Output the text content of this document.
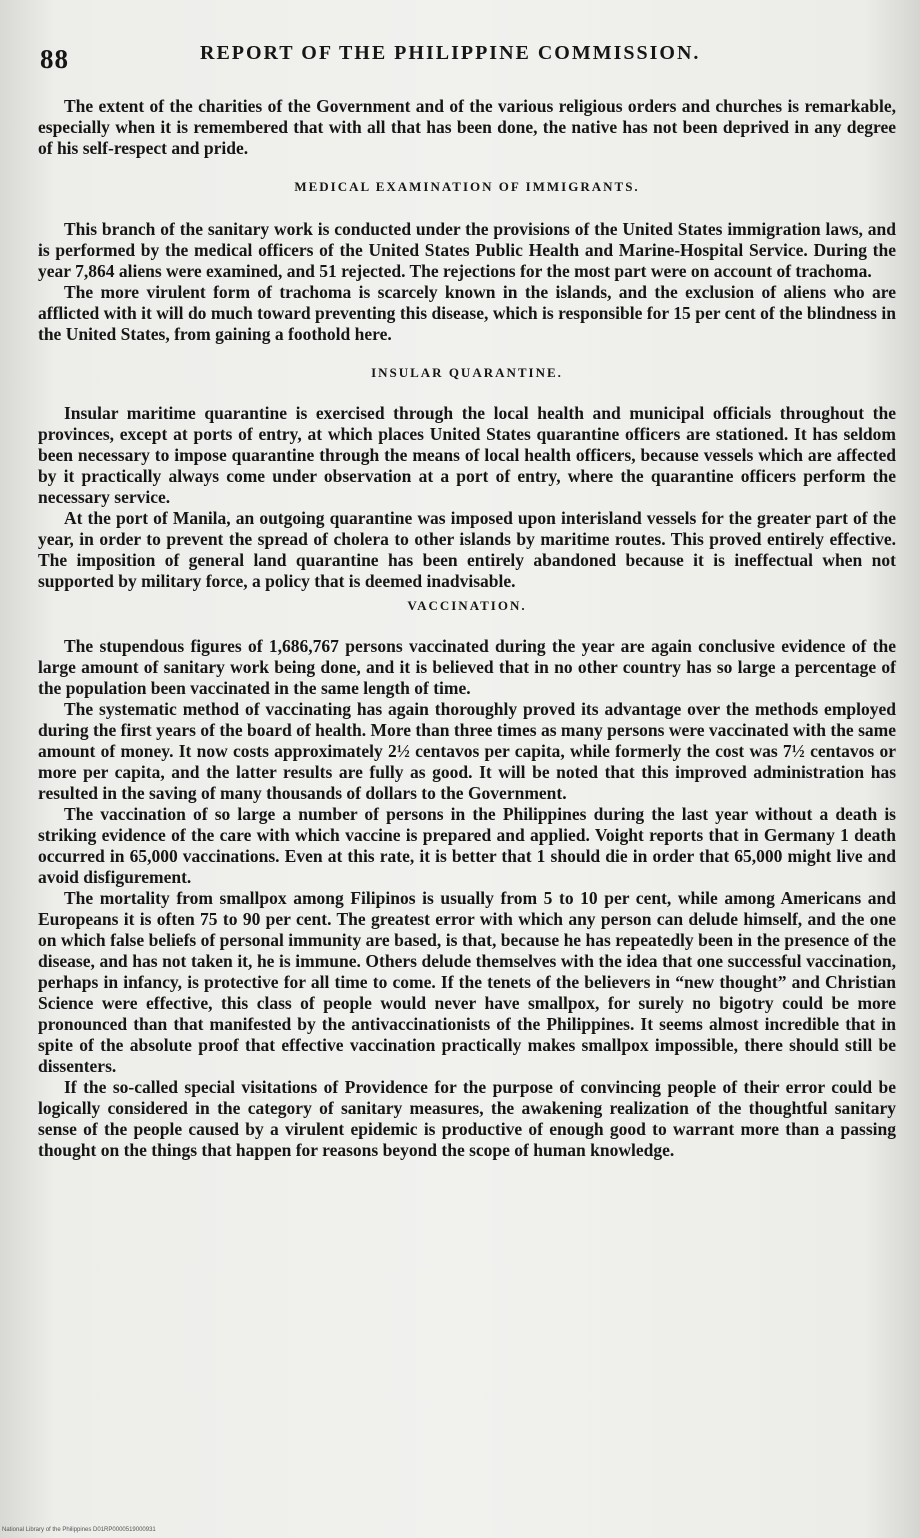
88	REPORT OF THE PHILIPPINE COMMISSION.

The extent of the charities of the Government and of the various religious orders and churches is remarkable, especially when it is remembered that with all that has been done, the native has not been deprived in any degree of his self-respect and pride.

MEDICAL EXAMINATION OF IMMIGRANTS.

This branch of the sanitary work is conducted under the provisions of the United States immigration laws, and is performed by the medical officers of the United States Public Health and Marine-Hospital Service. During the year 7,864 aliens were examined, and 51 rejected. The rejections for the most part were on account of trachoma.

The more virulent form of trachoma is scarcely known in the islands, and the exclusion of aliens who are afflicted with it will do much toward preventing this disease, which is responsible for 15 per cent of the blindness in the United States, from gaining a foothold here.

INSULAR QUARANTINE.

Insular maritime quarantine is exercised through the local health and municipal officials throughout the provinces, except at ports of entry, at which places United States quarantine officers are stationed. It has seldom been necessary to impose quarantine through the means of local health officers, because vessels which are affected by it practically always come under observation at a port of entry, where the quarantine officers perform the necessary service.

At the port of Manila, an outgoing quarantine was imposed upon interisland vessels for the greater part of the year, in order to prevent the spread of cholera to other islands by maritime routes. This proved entirely effective. The imposition of general land quarantine has been entirely abandoned because it is ineffectual when not supported by military force, a policy that is deemed inadvisable.

VACCINATION.

The stupendous figures of 1,686,767 persons vaccinated during the year are again conclusive evidence of the large amount of sanitary work being done, and it is believed that in no other country has so large a percentage of the population been vaccinated in the same length of time.

The systematic method of vaccinating has again thoroughly proved its advantage over the methods employed during the first years of the board of health. More than three times as many persons were vaccinated with the same amount of money. It now costs approximately 2½ centavos per capita, while formerly the cost was 7½ centavos or more per capita, and the latter results are fully as good. It will be noted that this improved administration has resulted in the saving of many thousands of dollars to the Government.

The vaccination of so large a number of persons in the Philippines during the last year without a death is striking evidence of the care with which vaccine is prepared and applied. Voight reports that in Germany 1 death occurred in 65,000 vaccinations. Even at this rate, it is better that 1 should die in order that 65,000 might live and avoid disfigurement.

The mortality from smallpox among Filipinos is usually from 5 to 10 per cent, while among Americans and Europeans it is often 75 to 90 per cent. The greatest error with which any person can delude himself, and the one on which false beliefs of personal immunity are based, is that, because he has repeatedly been in the presence of the disease, and has not taken it, he is immune. Others delude themselves with the idea that one successful vaccination, perhaps in infancy, is protective for all time to come. If the tenets of the believers in “new thought” and Christian Science were effective, this class of people would never have smallpox, for surely no bigotry could be more pronounced than that manifested by the antivaccinationists of the Philippines. It seems almost incredible that in spite of the absolute proof that effective vaccination practically makes smallpox impossible, there should still be dissenters.

If the so-called special visitations of Providence for the purpose of convincing people of their error could be logically considered in the category of sanitary measures, the awakening realization of the thoughtful sanitary sense of the people caused by a virulent epidemic is productive of enough good to warrant more than a passing thought on the things that happen for reasons beyond the scope of human knowledge.

National Library of the Philippines D01RP0000519000931
